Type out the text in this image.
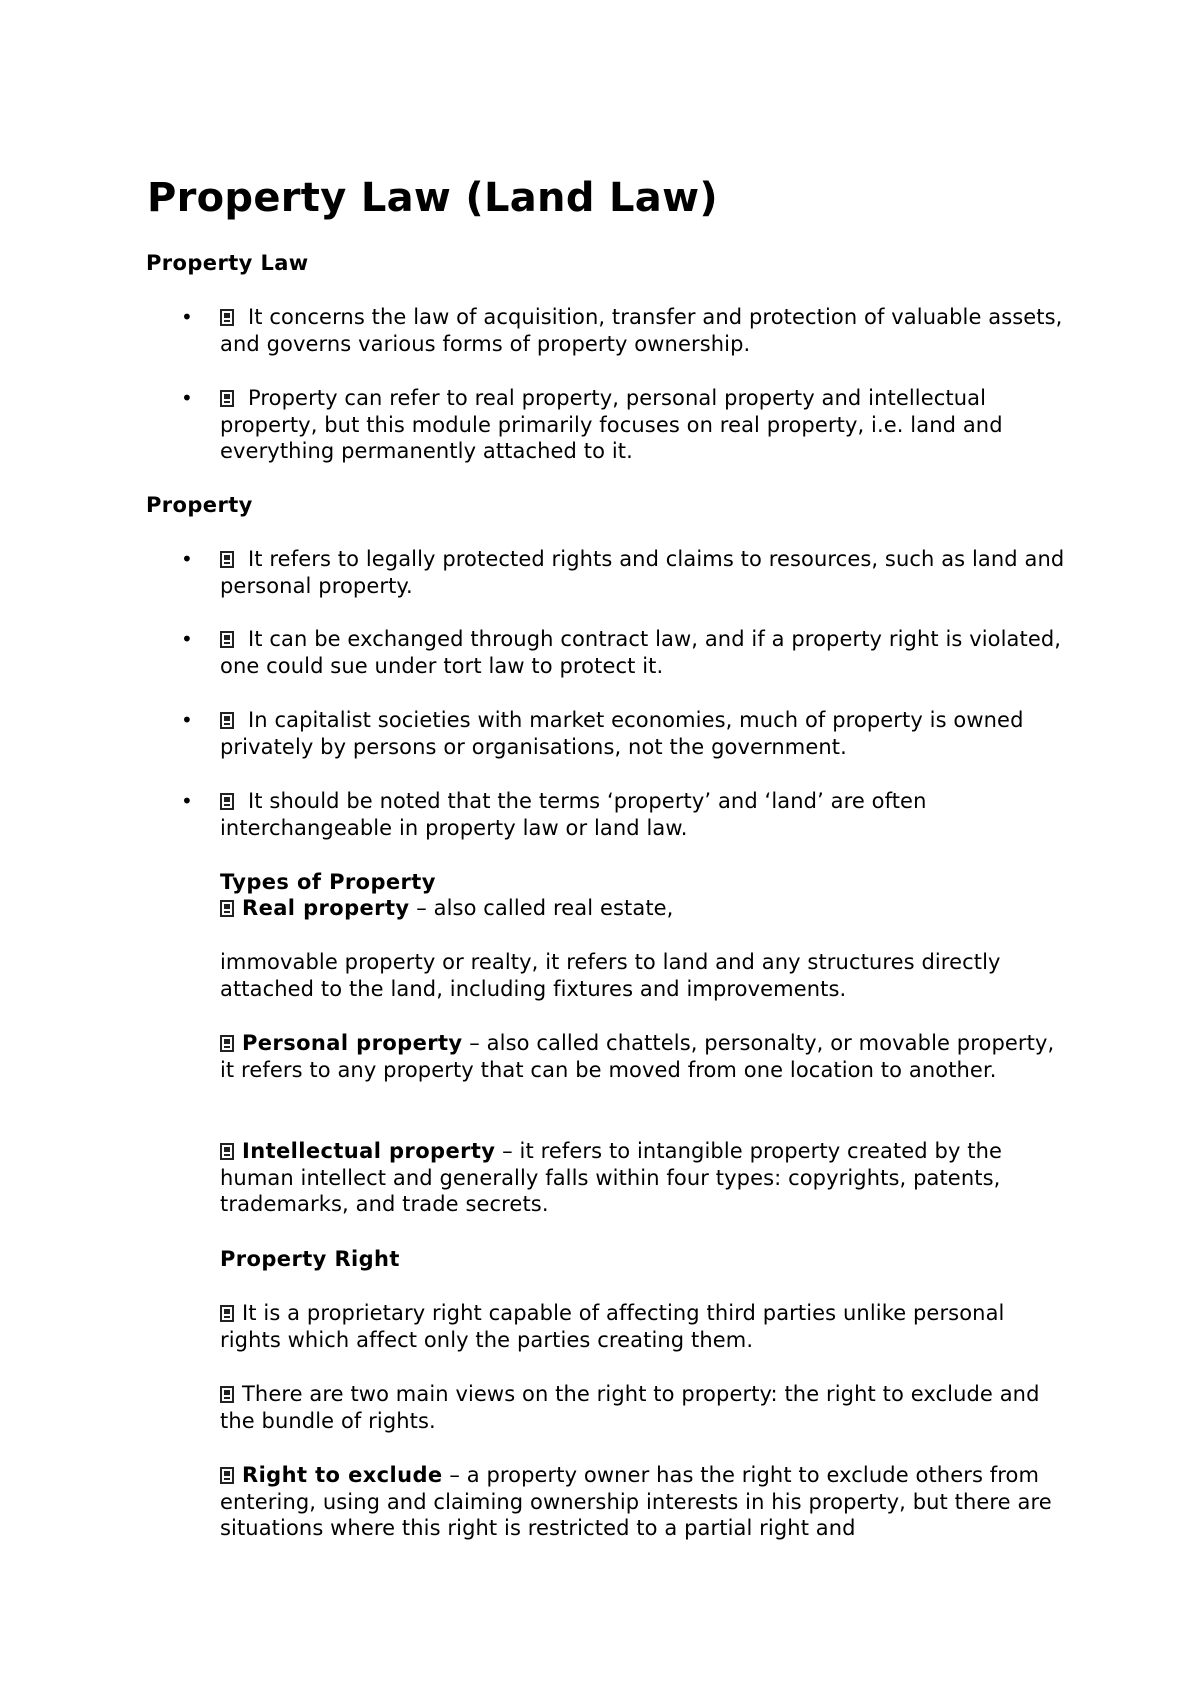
Property Law (Land Law)
Property Law
•	It concerns the law of acquisition, transfer and protection of valuable assets, and governs various forms of property ownership.

•	Property can refer to real property, personal property and intellectual property, but this module primarily focuses on real property, i.e. land and everything permanently attached to it.

Property
•	It refers to legally protected rights and claims to resources, such as land and personal property.

•	It can be exchanged through contract law, and if a property right is violated, one could sue under tort law to protect it.

•	In capitalist societies with market economies, much of property is owned privately by persons or organisations, not the government.

•	It should be noted that the terms ‘property’ and ‘land’ are often interchangeable in property law or land law.

Types of Property

Real property – also called real estate,

immovable property or realty, it refers to land and any structures directly attached to the land, including fixtures and improvements.

Personal property – also called chattels, personalty, or movable property, it refers to any property that can be moved from one location to another.

Intellectual property – it refers to intangible property created by the human intellect and generally falls within four types: copyrights, patents, trademarks, and trade secrets.

Property Right

It is a proprietary right capable of affecting third parties unlike personal rights which affect only the parties creating them.

There are two main views on the right to property: the right to exclude and the bundle of rights.

Right to exclude – a property owner has the right to exclude others from entering, using and claiming ownership interests in his property, but there are situations where this right is restricted to a partial right and
